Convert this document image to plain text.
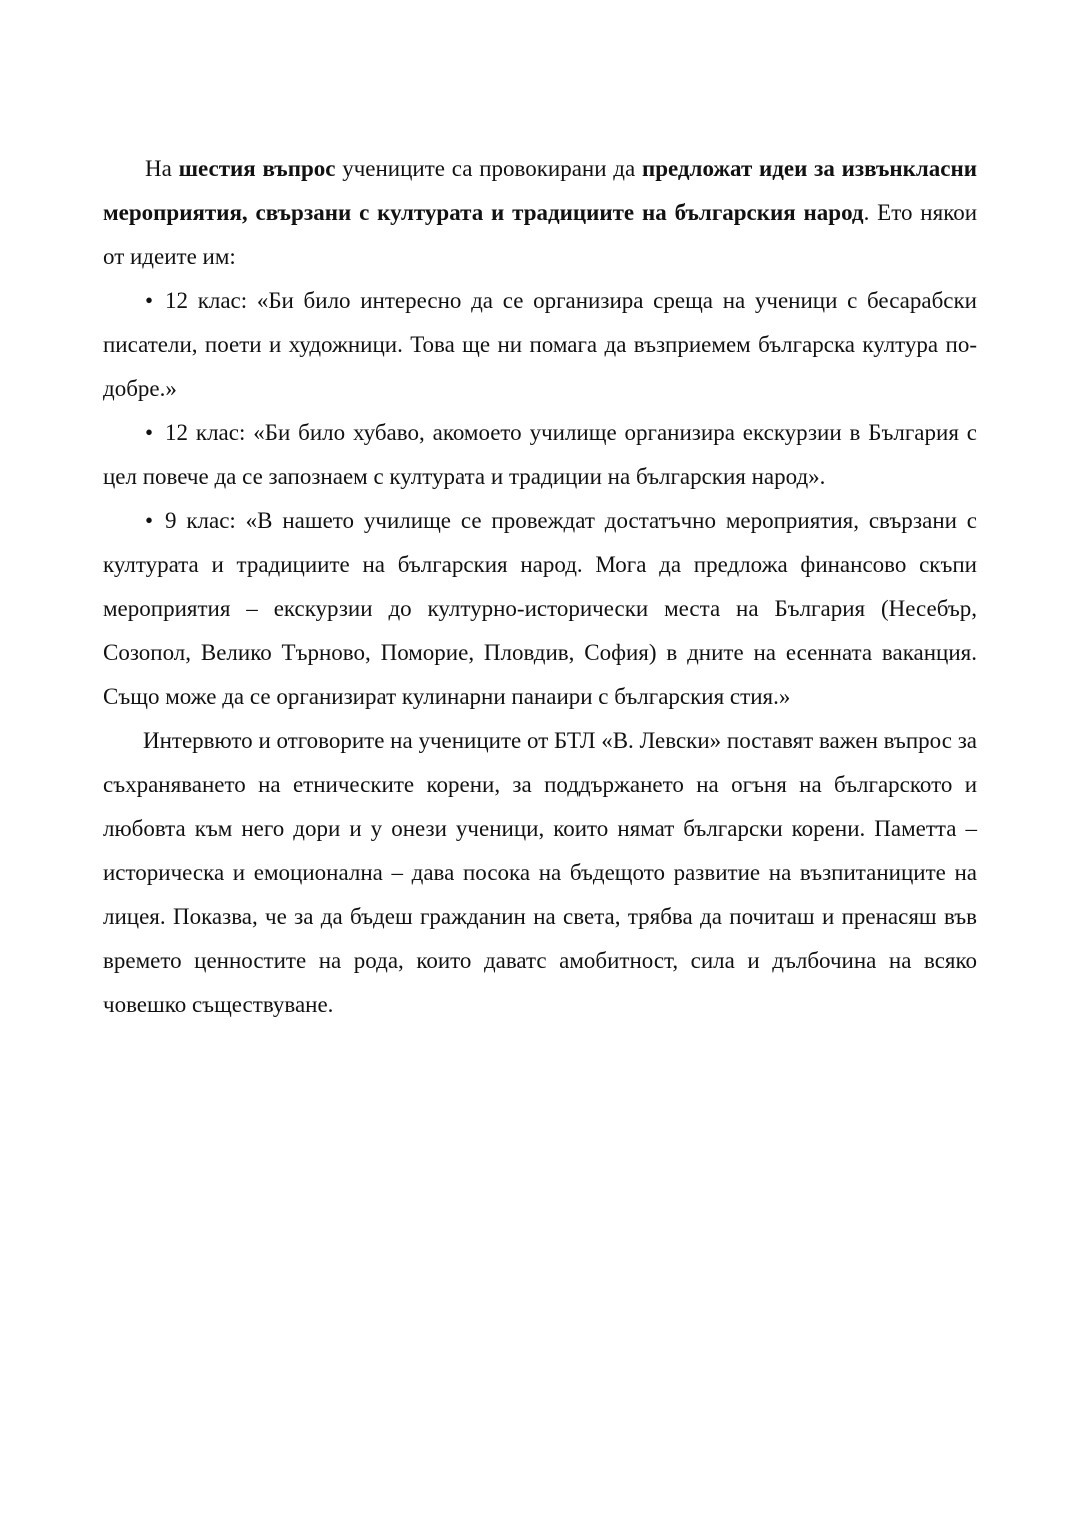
На шестия въпрос учениците са провокирани да предложат идеи за извънкласни мероприятия, свързани с културата и традициите на българския народ. Ето някои от идеите им:

• 12 клас: «Би било интересно да се организира среща на ученици с бесарабски писатели, поети и художници. Това ще ни помага да възприемем българска култура по-добре.»

• 12 клас: «Би било хубаво, акомоето училище организира екскурзии в България с цел повече да се запознаем с културата и традиции на българския народ».

• 9 клас: «В нашето училище се провеждат достатъчно мероприятия, свързани с културата и традициите на българския народ. Мога да предложа финансово скъпи мероприятия – екскурзии до културно-исторически места на България (Несебър, Созопол, Велико Търново, Поморие, Пловдив, София) в дните на есенната ваканция. Също може да се организират кулинарни панаири с българския стия.»

Интервюто и отговорите на учениците от БТЛ «В. Левски» поставят важен въпрос за съхраняването на етническите корени, за поддържането на огъня на българското и любовта към него дори и у онези ученици, които нямат български корени. Паметта – историческа и емоционална – дава посока на бъдещото развитие на възпитаниците на лицея. Показва, че за да бъдеш гражданин на света, трябва да почиташ и пренасяш във времето ценностите на рода, които даватс амобитност, сила и дълбочина на всяко човешко съществуване.
